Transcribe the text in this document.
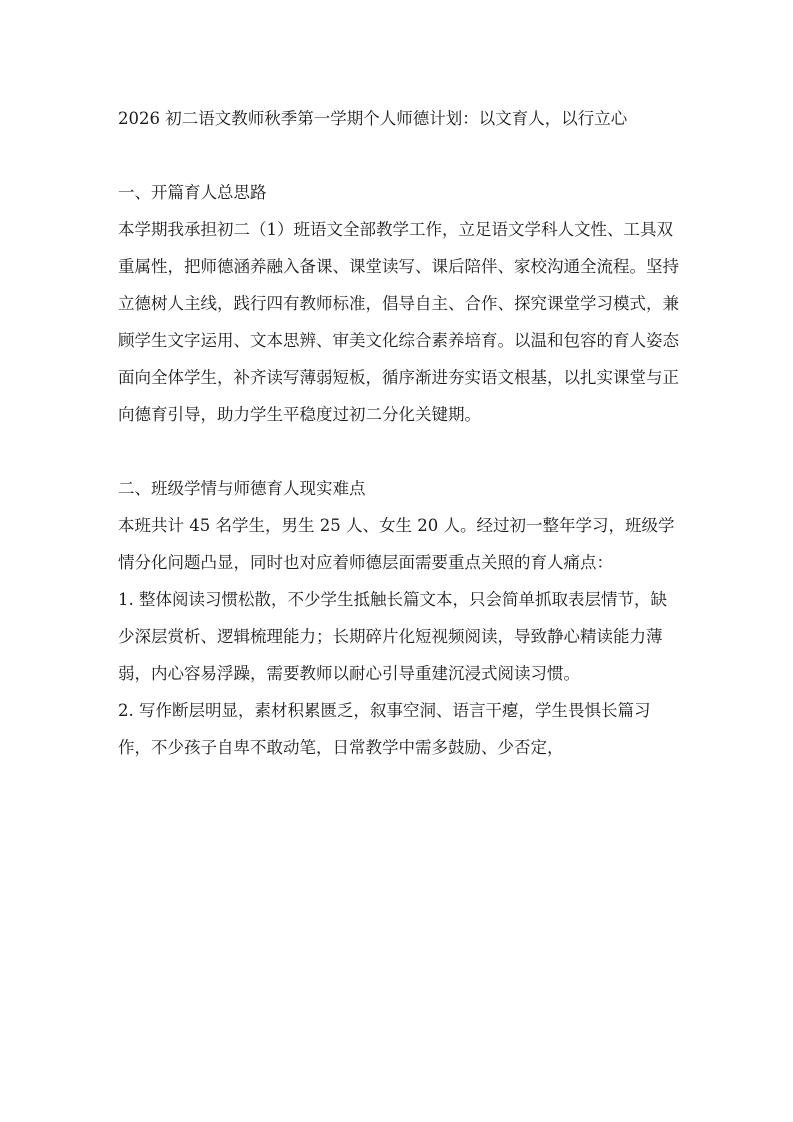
2026 初二语文教师秋季第一学期个人师德计划：以文育人，以行立心

一、开篇育人总思路

本学期我承担初二（1）班语文全部教学工作，立足语文学科人文性、工具双重属性，把师德涵养融入备课、课堂读写、课后陪伴、家校沟通全流程。坚持立德树人主线，践行四有教师标准，倡导自主、合作、探究课堂学习模式，兼顾学生文字运用、文本思辨、审美文化综合素养培育。以温和包容的育人姿态面向全体学生，补齐读写薄弱短板，循序渐进夯实语文根基，以扎实课堂与正向德育引导，助力学生平稳度过初二分化关键期。

二、班级学情与师德育人现实难点

本班共计 45 名学生，男生 25 人、女生 20 人。经过初一整年学习，班级学情分化问题凸显，同时也对应着师德层面需要重点关照的育人痛点：

1. 整体阅读习惯松散，不少学生抵触长篇文本，只会简单抓取表层情节，缺少深层赏析、逻辑梳理能力；长期碎片化短视频阅读，导致静心精读能力薄弱，内心容易浮躁，需要教师以耐心引导重建沉浸式阅读习惯。

2. 写作断层明显，素材积累匮乏，叙事空洞、语言干瘪，学生畏惧长篇习作，不少孩子自卑不敢动笔，日常教学中需多鼓励、少否定，
